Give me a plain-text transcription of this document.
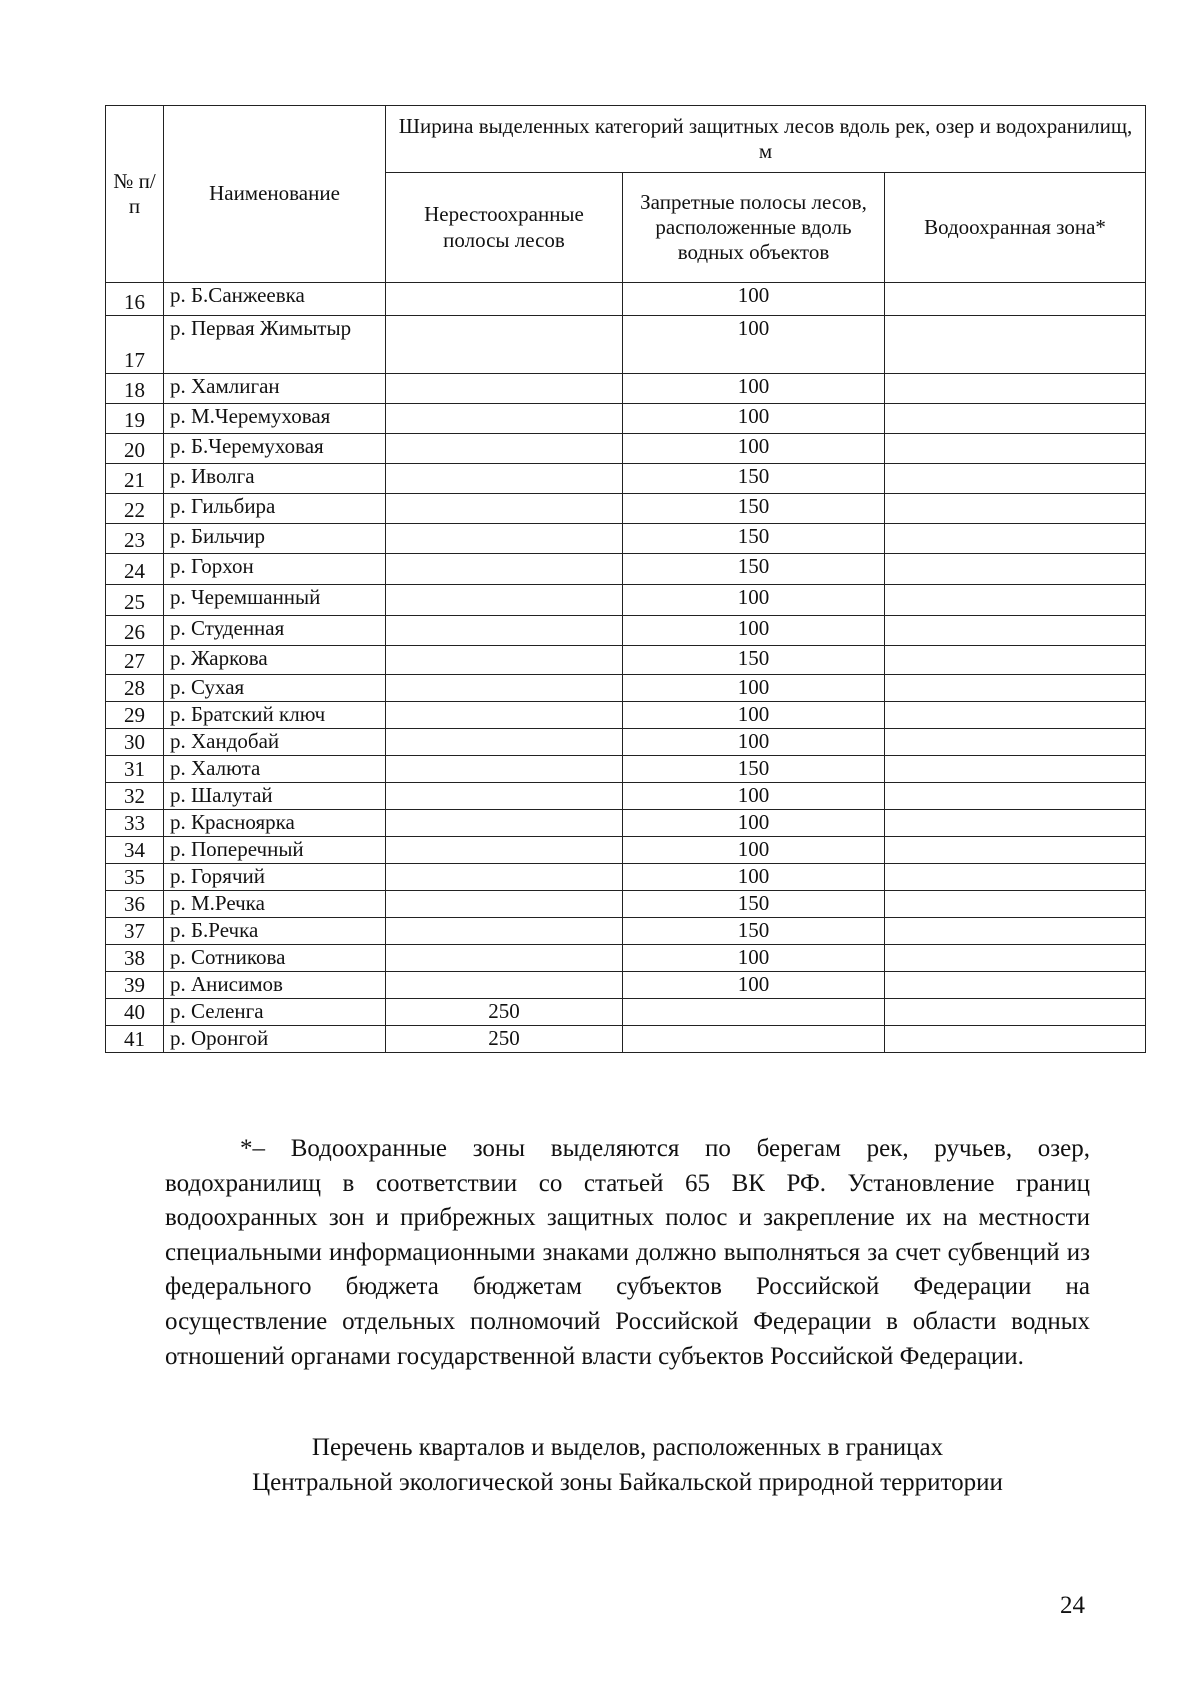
№ п/п	Наименование	Ширина выделенных категорий защитных лесов вдоль рек, озер и водохранилищ, м		
		Нерестоохранные полосы лесов	Запретные полосы лесов, расположенные вдоль водных объектов	Водоохранная зона*
16	р. Б.Санжеевка		100	
17	р. Первая Жимытыр		100	
18	р. Хамлиган		100	
19	р. М.Черемуховая		100	
20	р. Б.Черемуховая		100	
21	р. Иволга		150	
22	р. Гильбира		150	
23	р. Бильчир		150	
24	р. Горхон		150	
25	р. Черемшанный		100	
26	р. Студенная		100	
27	р. Жаркова		150	
28	р. Сухая		100	
29	р. Братский ключ		100	
30	р. Хандобай		100	
31	р. Халюта		150	
32	р. Шалутай		100	
33	р. Красноярка		100	
34	р. Поперечный		100	
35	р. Горячий		100	
36	р. М.Речка		150	
37	р. Б.Речка		150	
38	р. Сотникова		100	
39	р. Анисимов		100	
40	р. Селенга	250		
41	р. Оронгой	250		

*– Водоохранные зоны выделяются по берегам рек, ручьев, озер, водохранилищ в соответствии со статьей 65 ВК РФ. Установление границ водоохранных зон и прибрежных защитных полос и закрепление их на местности специальными информационными знаками должно выполняться за счет субвенций из федерального бюджета бюджетам субъектов Российской Федерации на осуществление отдельных полномочий Российской Федерации в области водных отношений органами государственной власти субъектов Российской Федерации.

Перечень кварталов и выделов, расположенных в границах
Центральной экологической зоны Байкальской природной территории
24
